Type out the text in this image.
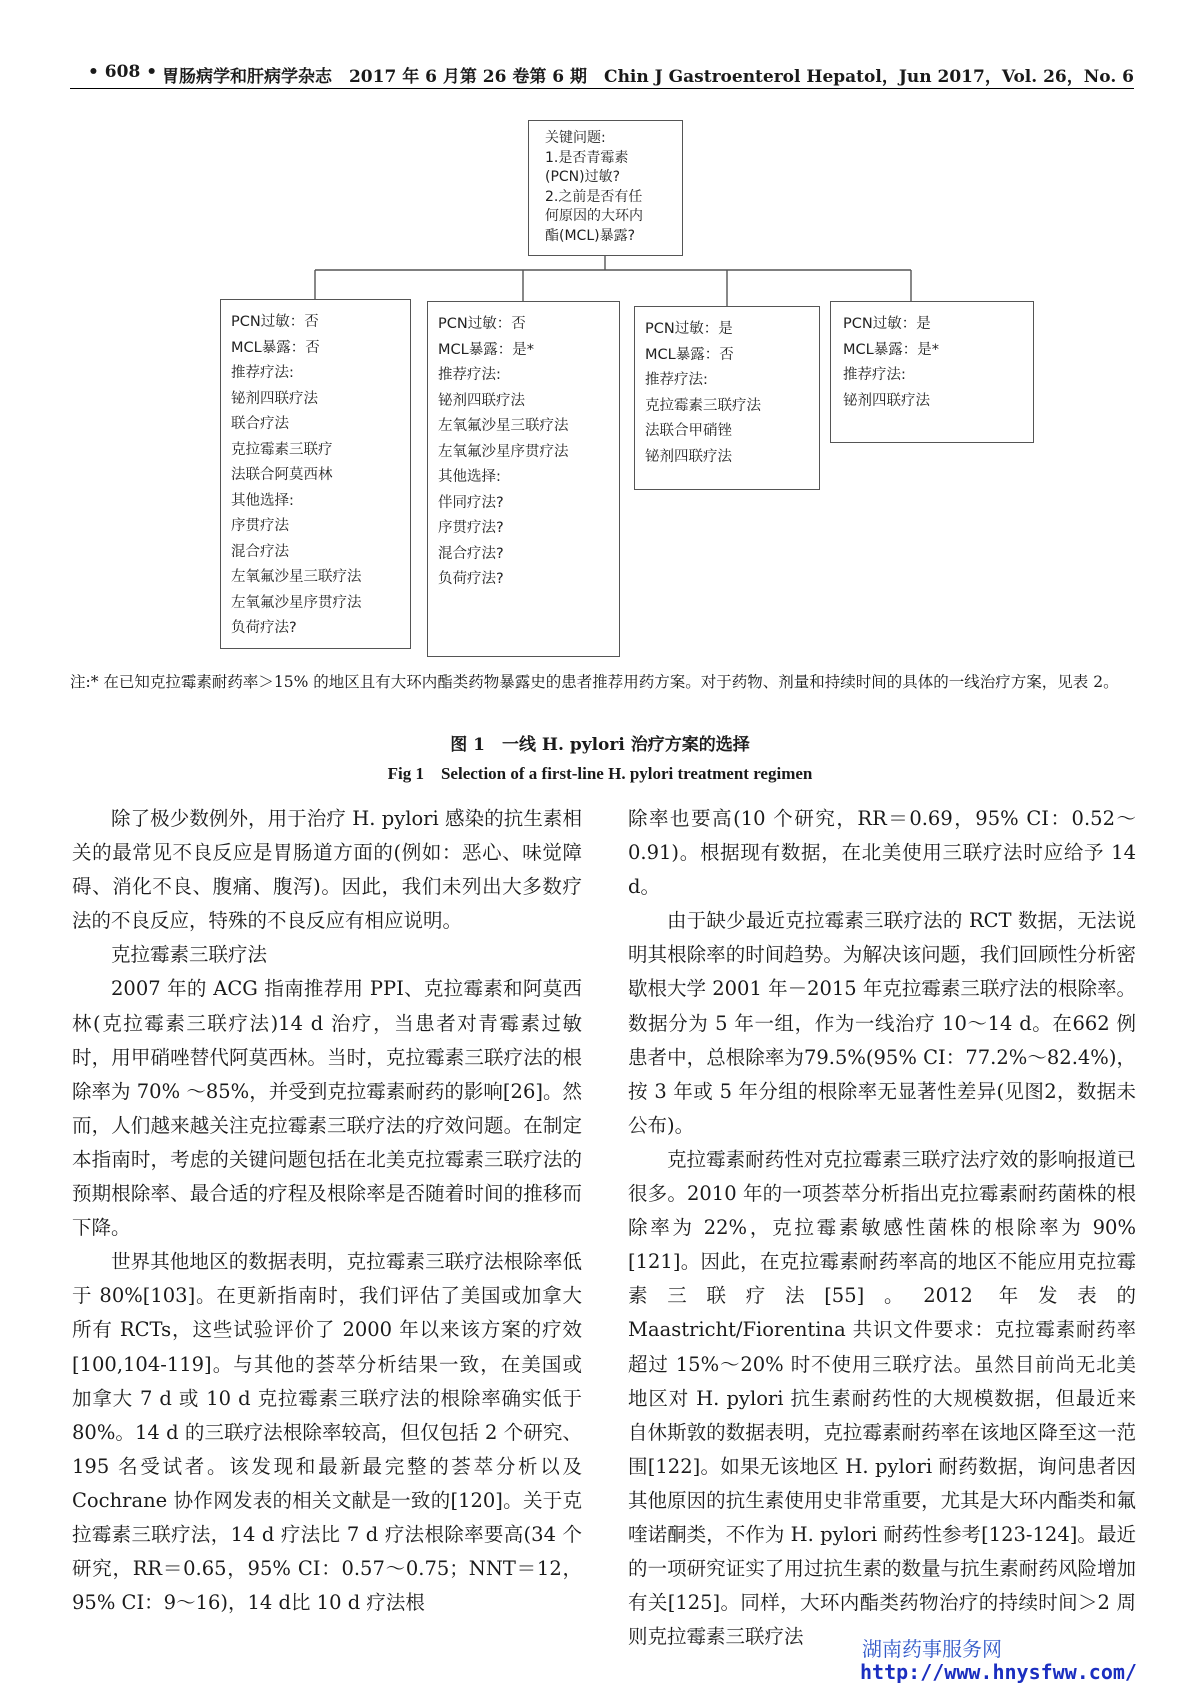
• 608 • 胃肠病学和肝病学杂志　2017 年 6 月第 26 卷第 6 期　Chin J Gastroenterol Hepatol，Jun 2017，Vol. 26，No. 6
关键问题:
1.是否青霉素
(PCN)过敏?
2.之前是否有任
何原因的大环内
酯(MCL)暴露?
PCN过敏：否
MCL暴露：否
推荐疗法:
铋剂四联疗法
联合疗法
克拉霉素三联疗
法联合阿莫西林
其他选择:
序贯疗法
混合疗法
左氧氟沙星三联疗法
左氧氟沙星序贯疗法
负荷疗法?
PCN过敏：否
MCL暴露：是*
推荐疗法:
铋剂四联疗法
左氧氟沙星三联疗法
左氧氟沙星序贯疗法
其他选择:
伴同疗法?
序贯疗法?
混合疗法?
负荷疗法?
PCN过敏：是
MCL暴露：否
推荐疗法:
克拉霉素三联疗法
法联合甲硝锉
铋剂四联疗法
PCN过敏：是
MCL暴露：是*
推荐疗法:
铋剂四联疗法
注:* 在已知克拉霉素耐药率＞15% 的地区且有大环内酯类药物暴露史的患者推荐用药方案。对于药物、剂量和持续时间的具体的一线治疗方案，见表 2。
图 1　一线 H. pylori 治疗方案的选择
Fig 1　Selection of a first-line H. pylori treatment regimen

除了极少数例外，用于治疗 H. pylori 感染的抗生素相关的最常见不良反应是胃肠道方面的(例如：恶心、味觉障碍、消化不良、腹痛、腹泻)。因此，我们未列出大多数疗法的不良反应，特殊的不良反应有相应说明。

克拉霉素三联疗法

2007 年的 ACG 指南推荐用 PPI、克拉霉素和阿莫西林(克拉霉素三联疗法)14 d 治疗，当患者对青霉素过敏时，用甲硝唑替代阿莫西林。当时，克拉霉素三联疗法的根除率为 70% ～85%，并受到克拉霉素耐药的影响[26]。然而，人们越来越关注克拉霉素三联疗法的疗效问题。在制定本指南时，考虑的关键问题包括在北美克拉霉素三联疗法的预期根除率、最合适的疗程及根除率是否随着时间的推移而下降。

世界其他地区的数据表明，克拉霉素三联疗法根除率低于 80%[103]。在更新指南时，我们评估了美国或加拿大所有 RCTs，这些试验评价了 2000 年以来该方案的疗效[100,104-119]。与其他的荟萃分析结果一致，在美国或加拿大 7 d 或 10 d 克拉霉素三联疗法的根除率确实低于 80%。14 d 的三联疗法根除率较高，但仅包括 2 个研究、195 名受试者。该发现和最新最完整的荟萃分析以及 Cochrane 协作网发表的相关文献是一致的[120]。关于克拉霉素三联疗法，14 d 疗法比 7 d 疗法根除率要高(34 个研究，RR＝0.65，95% CI：0.57～0.75；NNT＝12，95% CI：9～16)，14 d比 10 d 疗法根

除率也要高(10 个研究，RR＝0.69，95% CI：0.52～0.91)。根据现有数据，在北美使用三联疗法时应给予 14 d。

由于缺少最近克拉霉素三联疗法的 RCT 数据，无法说明其根除率的时间趋势。为解决该问题，我们回顾性分析密歇根大学 2001 年－2015 年克拉霉素三联疗法的根除率。数据分为 5 年一组，作为一线治疗 10～14 d。在662 例患者中，总根除率为79.5%(95% CI：77.2%～82.4%)，按 3 年或 5 年分组的根除率无显著性差异(见图2，数据未公布)。

克拉霉素耐药性对克拉霉素三联疗法疗效的影响报道已很多。2010 年的一项荟萃分析指出克拉霉素耐药菌株的根除率为 22%，克拉霉素敏感性菌株的根除率为 90%[121]。因此，在克拉霉素耐药率高的地区不能应用克拉霉素三联疗法[55]。2012 年发表的 Maastricht/Fiorentina 共识文件要求：克拉霉素耐药率超过 15%～20% 时不使用三联疗法。虽然目前尚无北美地区对 H. pylori 抗生素耐药性的大规模数据，但最近来自休斯敦的数据表明，克拉霉素耐药率在该地区降至这一范围[122]。如果无该地区 H. pylori 耐药数据，询问患者因其他原因的抗生素使用史非常重要，尤其是大环内酯类和氟喹诺酮类，不作为 H. pylori 耐药性参考[123-124]。最近的一项研究证实了用过抗生素的数量与抗生素耐药风险增加有关[125]。同样，大环内酯类药物治疗的持续时间＞2 周则克拉霉素三联疗法

湖南药事服务网
http://www.hnysfww.com/
